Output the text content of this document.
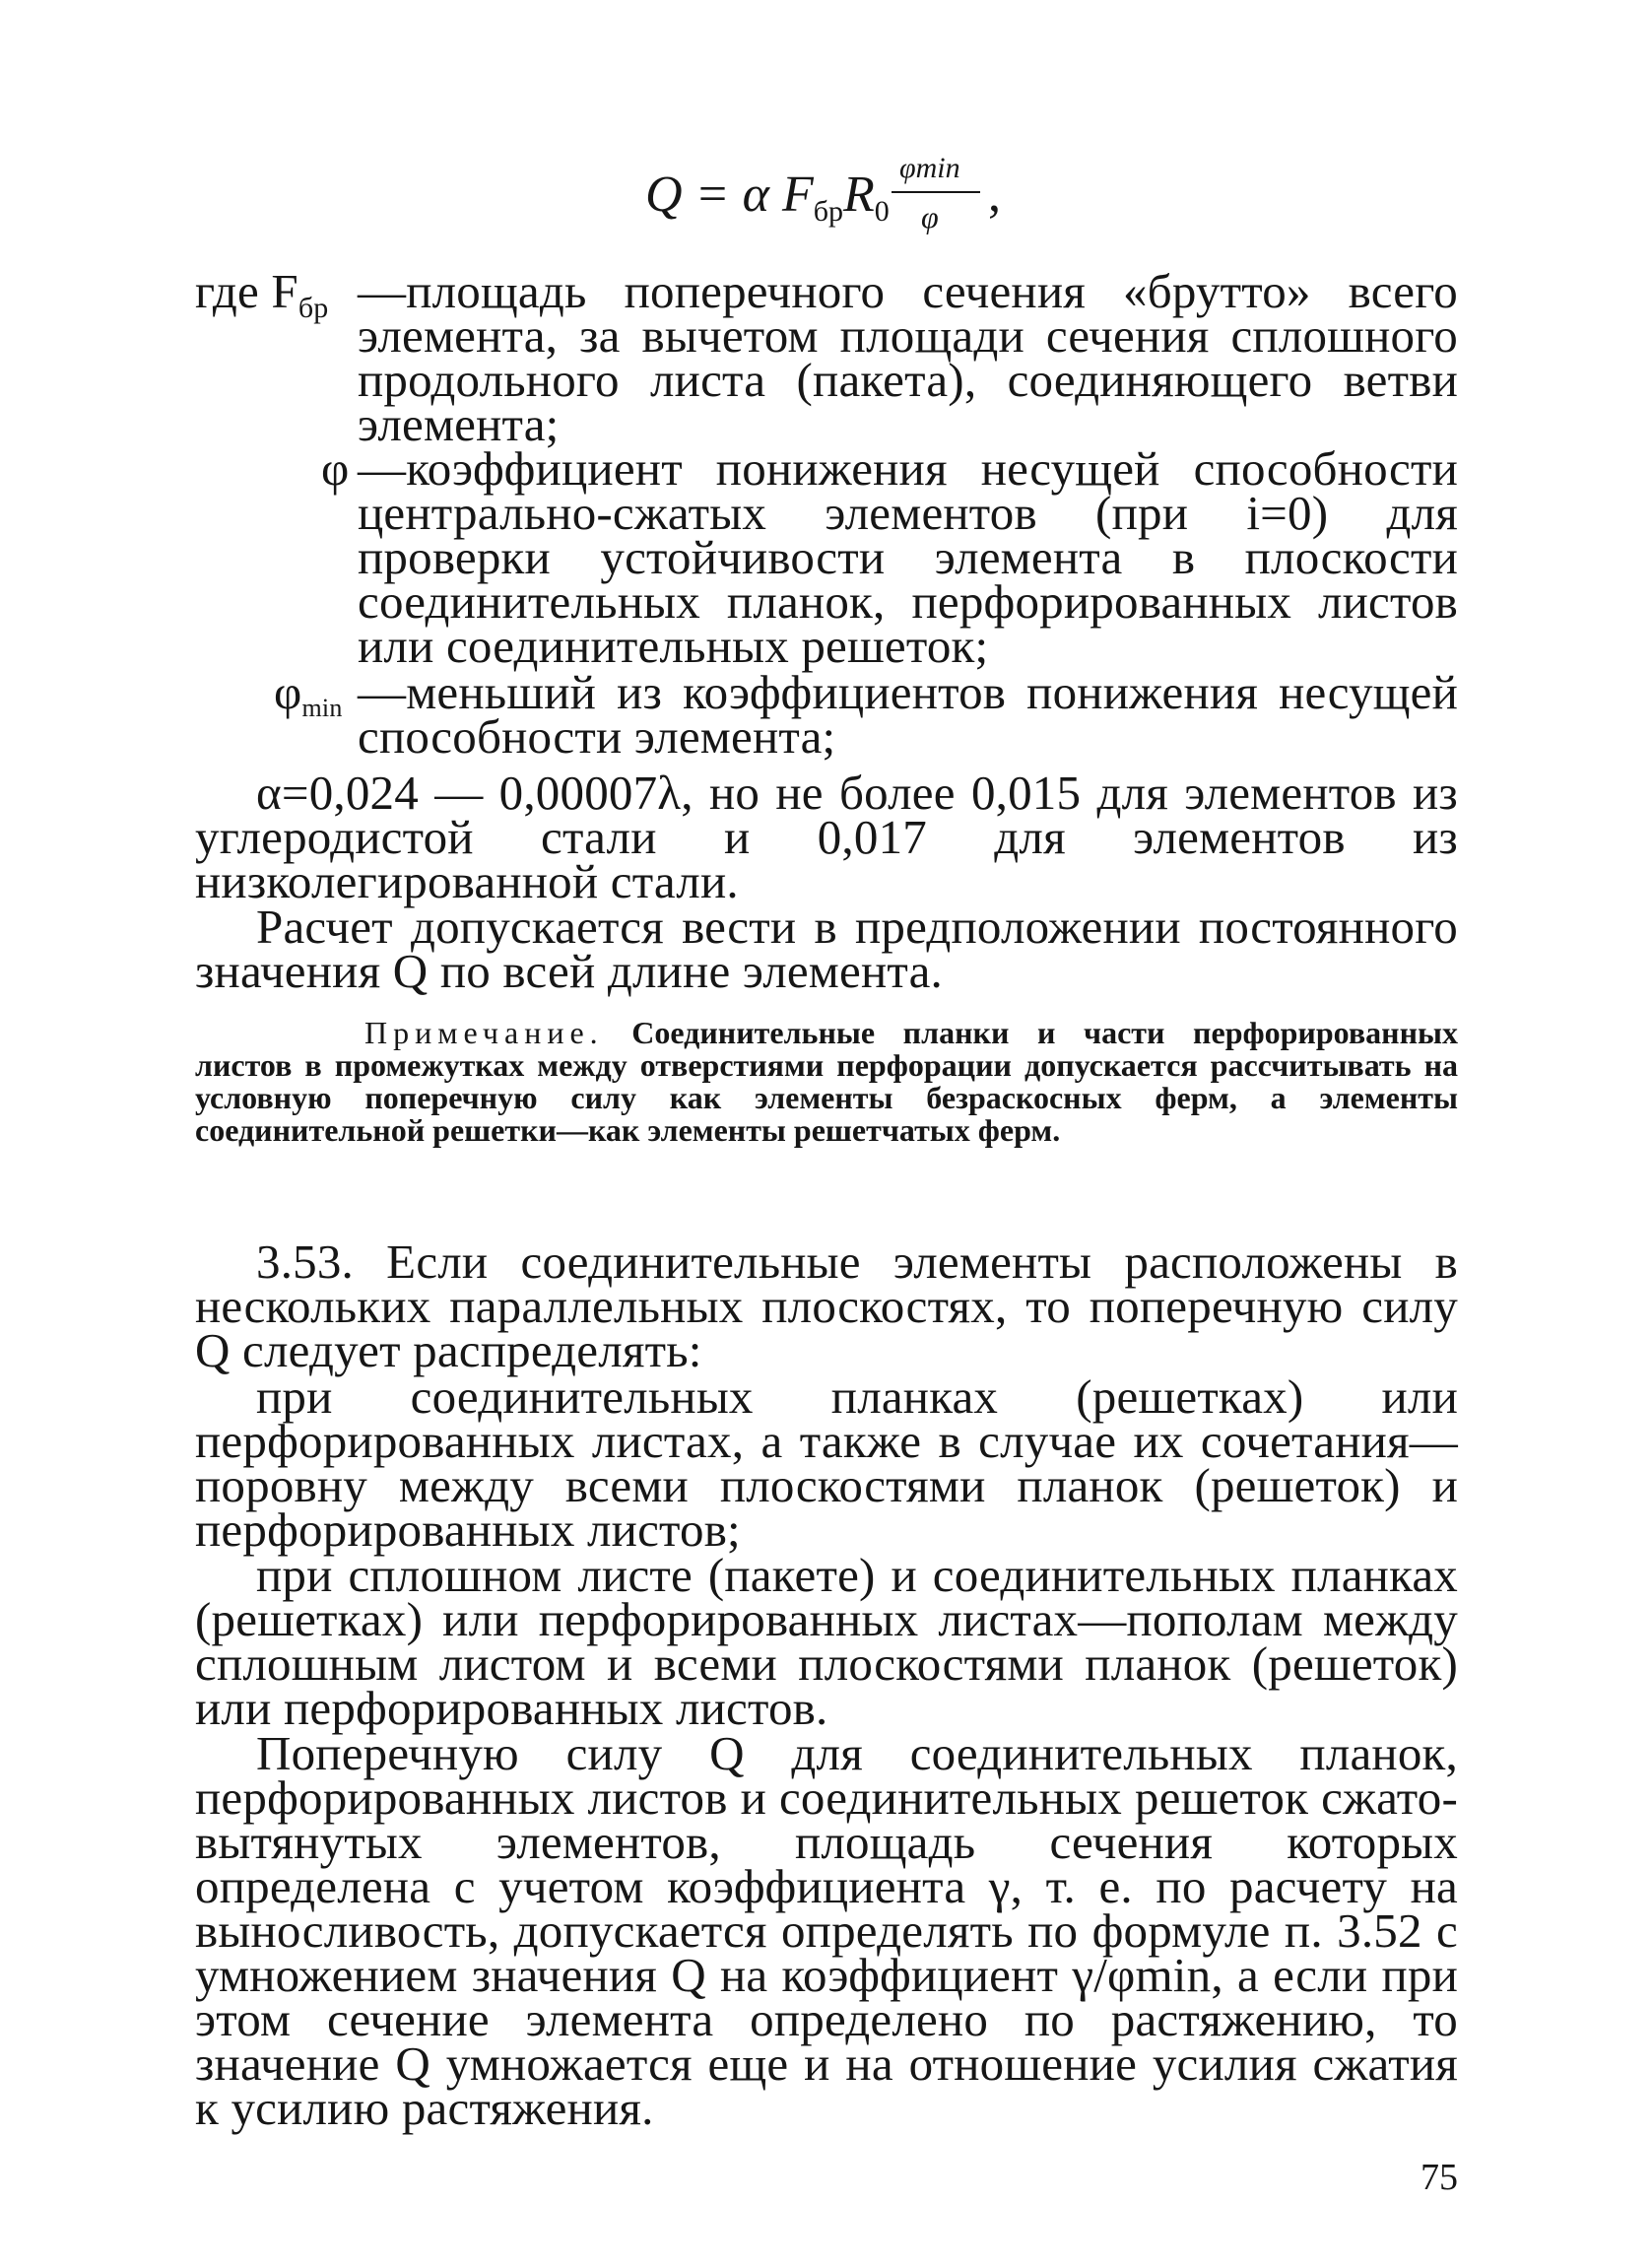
Q = α $F_{бр}R_0$
φmin
φ ,
где $F_{бр}$ —площадь поперечного сечения «брутто» всего элемента, за вычетом площади сечения сплошного продольного листа (пакета), соединяющего ветви элемента;
φ —коэффициент понижения несущей способности центрально-сжатых элементов (при i=0) для проверки устойчивости элемента в плоскости соединительных планок, перфорированных листов или соединительных решеток;
φmin —меньший из коэффициентов понижения несущей способности элемента;
α=0,024 — 0,00007λ, но не более 0,015 для элементов из углеродистой стали и 0,017 для элементов из низколегированной стали.
Расчет допускается вести в предположении постоянного значения Q по всей длине элемента.
Примечание. Соединительные планки и части перфорированных листов в промежутках между отверстиями перфорации допускается рассчитывать на условную поперечную силу как элементы безраскосных ферм, а элементы соединительной решетки—как элементы решетчатых ферм.
3.53. Если соединительные элементы расположены в нескольких параллельных плоскостях, то поперечную силу Q следует распределять:
при соединительных планках (решетках) или перфорированных листах, а также в случае их сочетания—поровну между всеми плоскостями планок (решеток) и перфорированных листов;
при сплошном листе (пакете) и соединительных планках (решетках) или перфорированных листах—пополам между сплошным листом и всеми плоскостями планок (решеток) или перфорированных листов.
Поперечную силу Q для соединительных планок, перфорированных листов и соединительных решеток сжато-вытянутых элементов, площадь сечения которых определена с учетом коэффициента γ, т. е. по расчету на выносливость, допускается определять по формуле п. 3.52 с умножением значения Q на коэффициент γ/φmin, а если при этом сечение элемента определено по растяжению, то значение Q умножается еще и на отношение усилия сжатия к усилию растяжения.
75
